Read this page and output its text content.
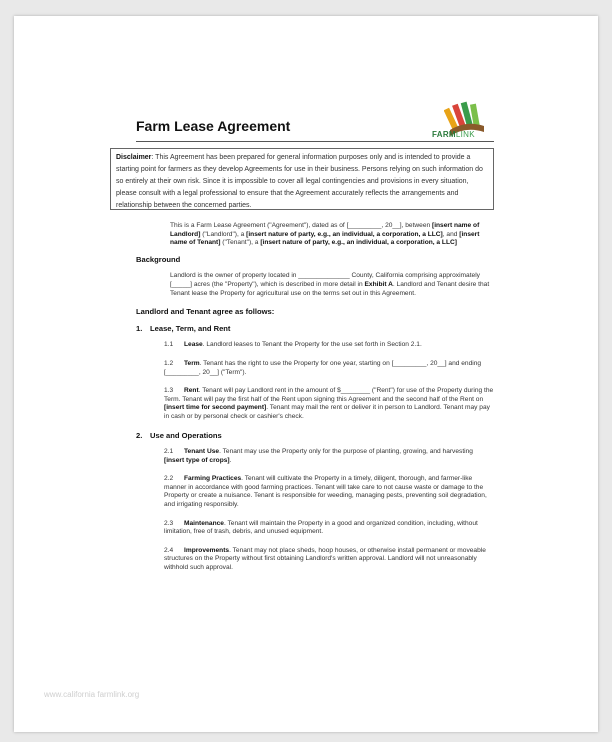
FARMLINK
Farm Lease Agreement
Disclaimer: This Agreement has been prepared for general information purposes only and is intended to provide a starting point for farmers as they develop Agreements for use in their business. Persons relying on such information do so entirely at their own risk. Since it is impossible to cover all legal contingencies and provisions in every situation, please consult with a legal professional to ensure that the Agreement accurately reflects the arrangements and relationship between the concerned parties.

This is a Farm Lease Agreement ("Agreement"), dated as of [_________, 20__], between [insert name of Landlord] ("Landlord"), a [insert nature of party, e.g., an individual, a corporation, a LLC], and [insert name of Tenant] ("Tenant"), a [insert nature of party, e.g., an individual, a corporation, a LLC]

Background

Landlord is the owner of property located in ______________ County, California comprising approximately [_____] acres (the "Property"), which is described in more detail in Exhibit A. Landlord and Tenant desire that Tenant lease the Property for agricultural use on the terms set out in this Agreement.

Landlord and Tenant agree as follows:

1. Lease, Term, and Rent

1.1 Lease. Landlord leases to Tenant the Property for the use set forth in Section 2.1.

1.2 Term. Tenant has the right to use the Property for one year, starting on [_________, 20__] and ending [_________, 20__] ("Term").

1.3 Rent. Tenant will pay Landlord rent in the amount of $________ ("Rent") for use of the Property during the Term. Tenant will pay the first half of the Rent upon signing this Agreement and the second half of the Rent on [insert time for second payment]. Tenant may mail the rent or deliver it in person to Landlord. Tenant may pay in cash or by personal check or cashier's check.

2. Use and Operations

2.1 Tenant Use. Tenant may use the Property only for the purpose of planting, growing, and harvesting [insert type of crops].

2.2 Farming Practices. Tenant will cultivate the Property in a timely, diligent, thorough, and farmer-like manner in accordance with good farming practices. Tenant will take care to not cause waste or damage to the Property or create a nuisance. Tenant is responsible for weeding, managing pests, preventing soil degradation, and irrigating responsibly.

2.3 Maintenance. Tenant will maintain the Property in a good and organized condition, including, without limitation, free of trash, debris, and unused equipment.

2.4 Improvements. Tenant may not place sheds, hoop houses, or otherwise install permanent or moveable structures on the Property without first obtaining Landlord's written approval. Landlord will not unreasonably withhold such approval.

www.california farmlink.org
